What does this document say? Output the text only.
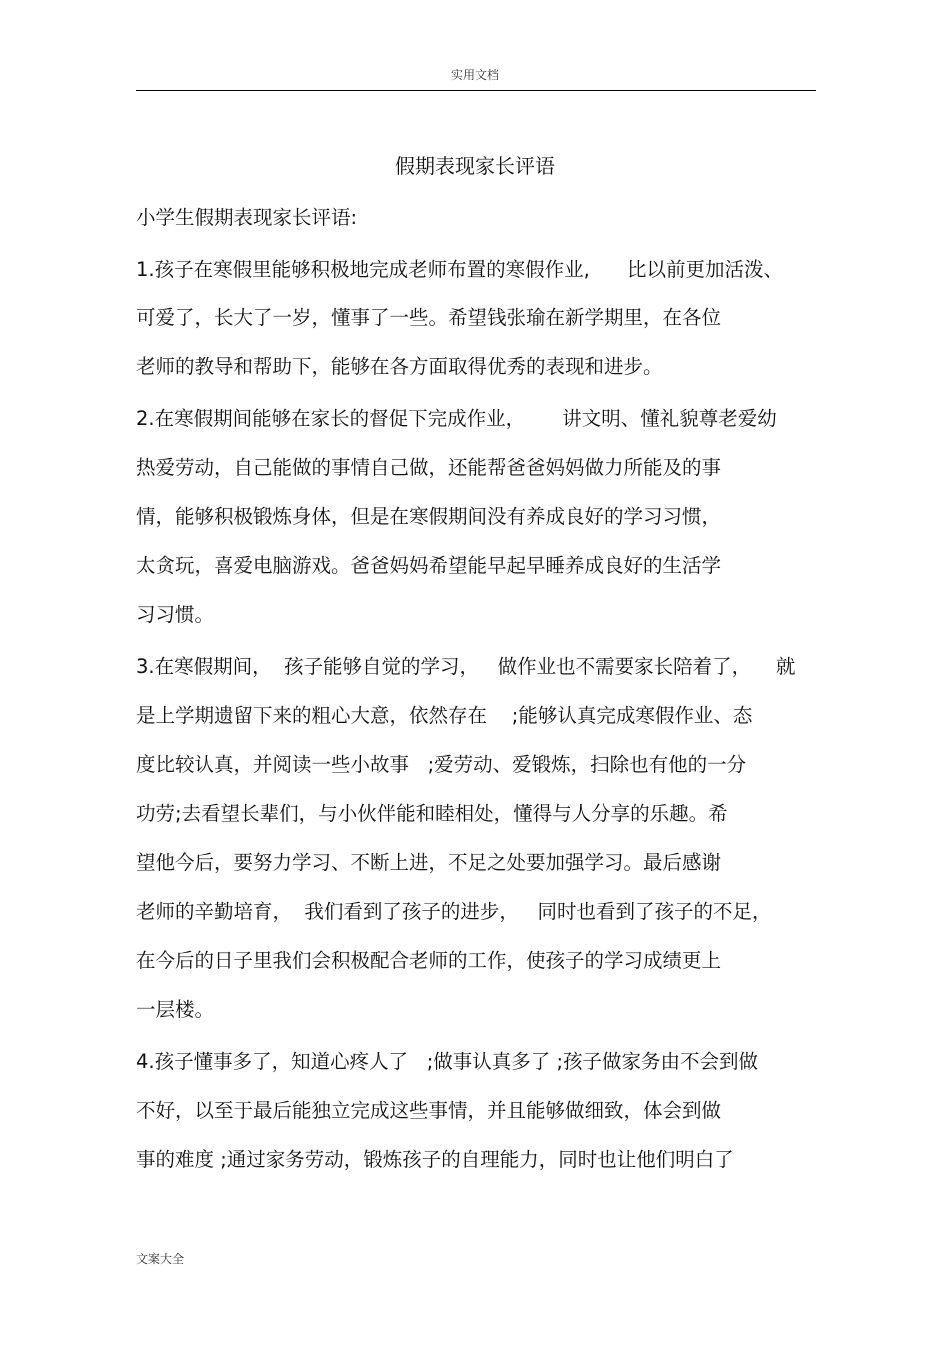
实用文档
假期表现家长评语
小学生假期表现家长评语:
1.孩子在寒假里能够积极地完成老师布置的寒假作业,      比以前更加活泼、
可爱了，长大了一岁，懂事了一些。希望钱张瑜在新学期里，在各位
老师的教导和帮助下，能够在各方面取得优秀的表现和进步。
2.在寒假期间能够在家长的督促下完成作业，      讲文明、懂礼貌尊老爱幼
热爱劳动，自己能做的事情自己做，还能帮爸爸妈妈做力所能及的事
情，能够积极锻炼身体，但是在寒假期间没有养成良好的学习习惯，
太贪玩，喜爱电脑游戏。爸爸妈妈希望能早起早睡养成良好的生活学
习习惯。
3.在寒假期间，  孩子能够自觉的学习，   做作业也不需要家长陪着了，    就
是上学期遗留下来的粗心大意，依然存在    ;能够认真完成寒假作业、态
度比较认真，并阅读一些小故事   ;爱劳动、爱锻炼，扫除也有他的一分
功劳;去看望长辈们，与小伙伴能和睦相处，懂得与人分享的乐趣。希
望他今后，要努力学习、不断上进，不足之处要加强学习。最后感谢
老师的辛勤培育，  我们看到了孩子的进步，   同时也看到了孩子的不足，
在今后的日子里我们会积极配合老师的工作，使孩子的学习成绩更上
一层楼。
4.孩子懂事多了，知道心疼人了   ;做事认真多了 ;孩子做家务由不会到做
不好，以至于最后能独立完成这些事情，并且能够做细致，体会到做
事的难度 ;通过家务劳动，锻炼孩子的自理能力，同时也让他们明白了
文案大全
